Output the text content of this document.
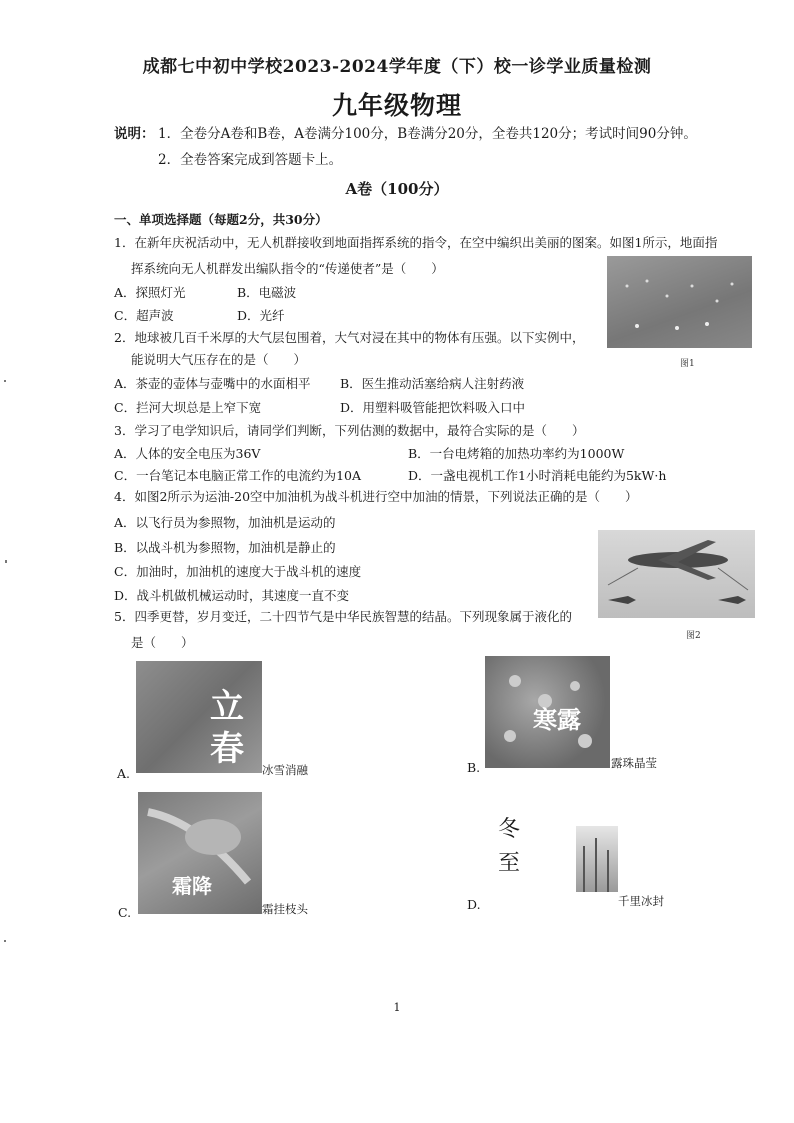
成都七中初中学校2023-2024学年度（下）校一诊学业质量检测
九年级物理
说明： 1．全卷分A卷和B卷，A卷满分100分，B卷满分20分，全卷共120分；考试时间90分钟。
2．全卷答案完成到答题卡上。
A卷（100分）
一、单项选择题（每题2分，共30分）
1．在新年庆祝活动中，无人机群接收到地面指挥系统的指令，在空中编织出美丽的图案。如图1所示，地面指
挥系统向无人机群发出编队指令的“传递使者”是（　　）
A．探照灯光	B．电磁波
C．超声波	D．光纤
图1
2．地球被几百千米厚的大气层包围着，大气对浸在其中的物体有压强。以下实例中，
能说明大气压存在的是（　　）
A．茶壶的壶体与壶嘴中的水面相平 B．医生推动活塞给病人注射药液
C．拦河大坝总是上窄下宽	D．用塑料吸管能把饮料吸入口中
3．学习了电学知识后，请同学们判断，下列估测的数据中，最符合实际的是（　　）
A．人体的安全电压为36V	B．一台电烤箱的加热功率约为1000W
C．一台笔记本电脑正常工作的电流约为10A	D．一盏电视机工作1小时消耗电能约为5kW·h
4．如图2所示为运油-20空中加油机为战斗机进行空中加油的情景，下列说法正确的是（　　）
A．以飞行员为参照物，加油机是运动的
B．以战斗机为参照物，加油机是静止的
C．加油时，加油机的速度大于战斗机的速度
D．战斗机做机械运动时，其速度一直不变
图2
5．四季更替，岁月变迁，二十四节气是中华民族智慧的结晶。下列现象属于液化的
是（　　）
A.
立
春
冰雪消融	B.
寒露
露珠晶莹
C.
霜降
霜挂枝头	D.
冬
至
千里冰封
1
